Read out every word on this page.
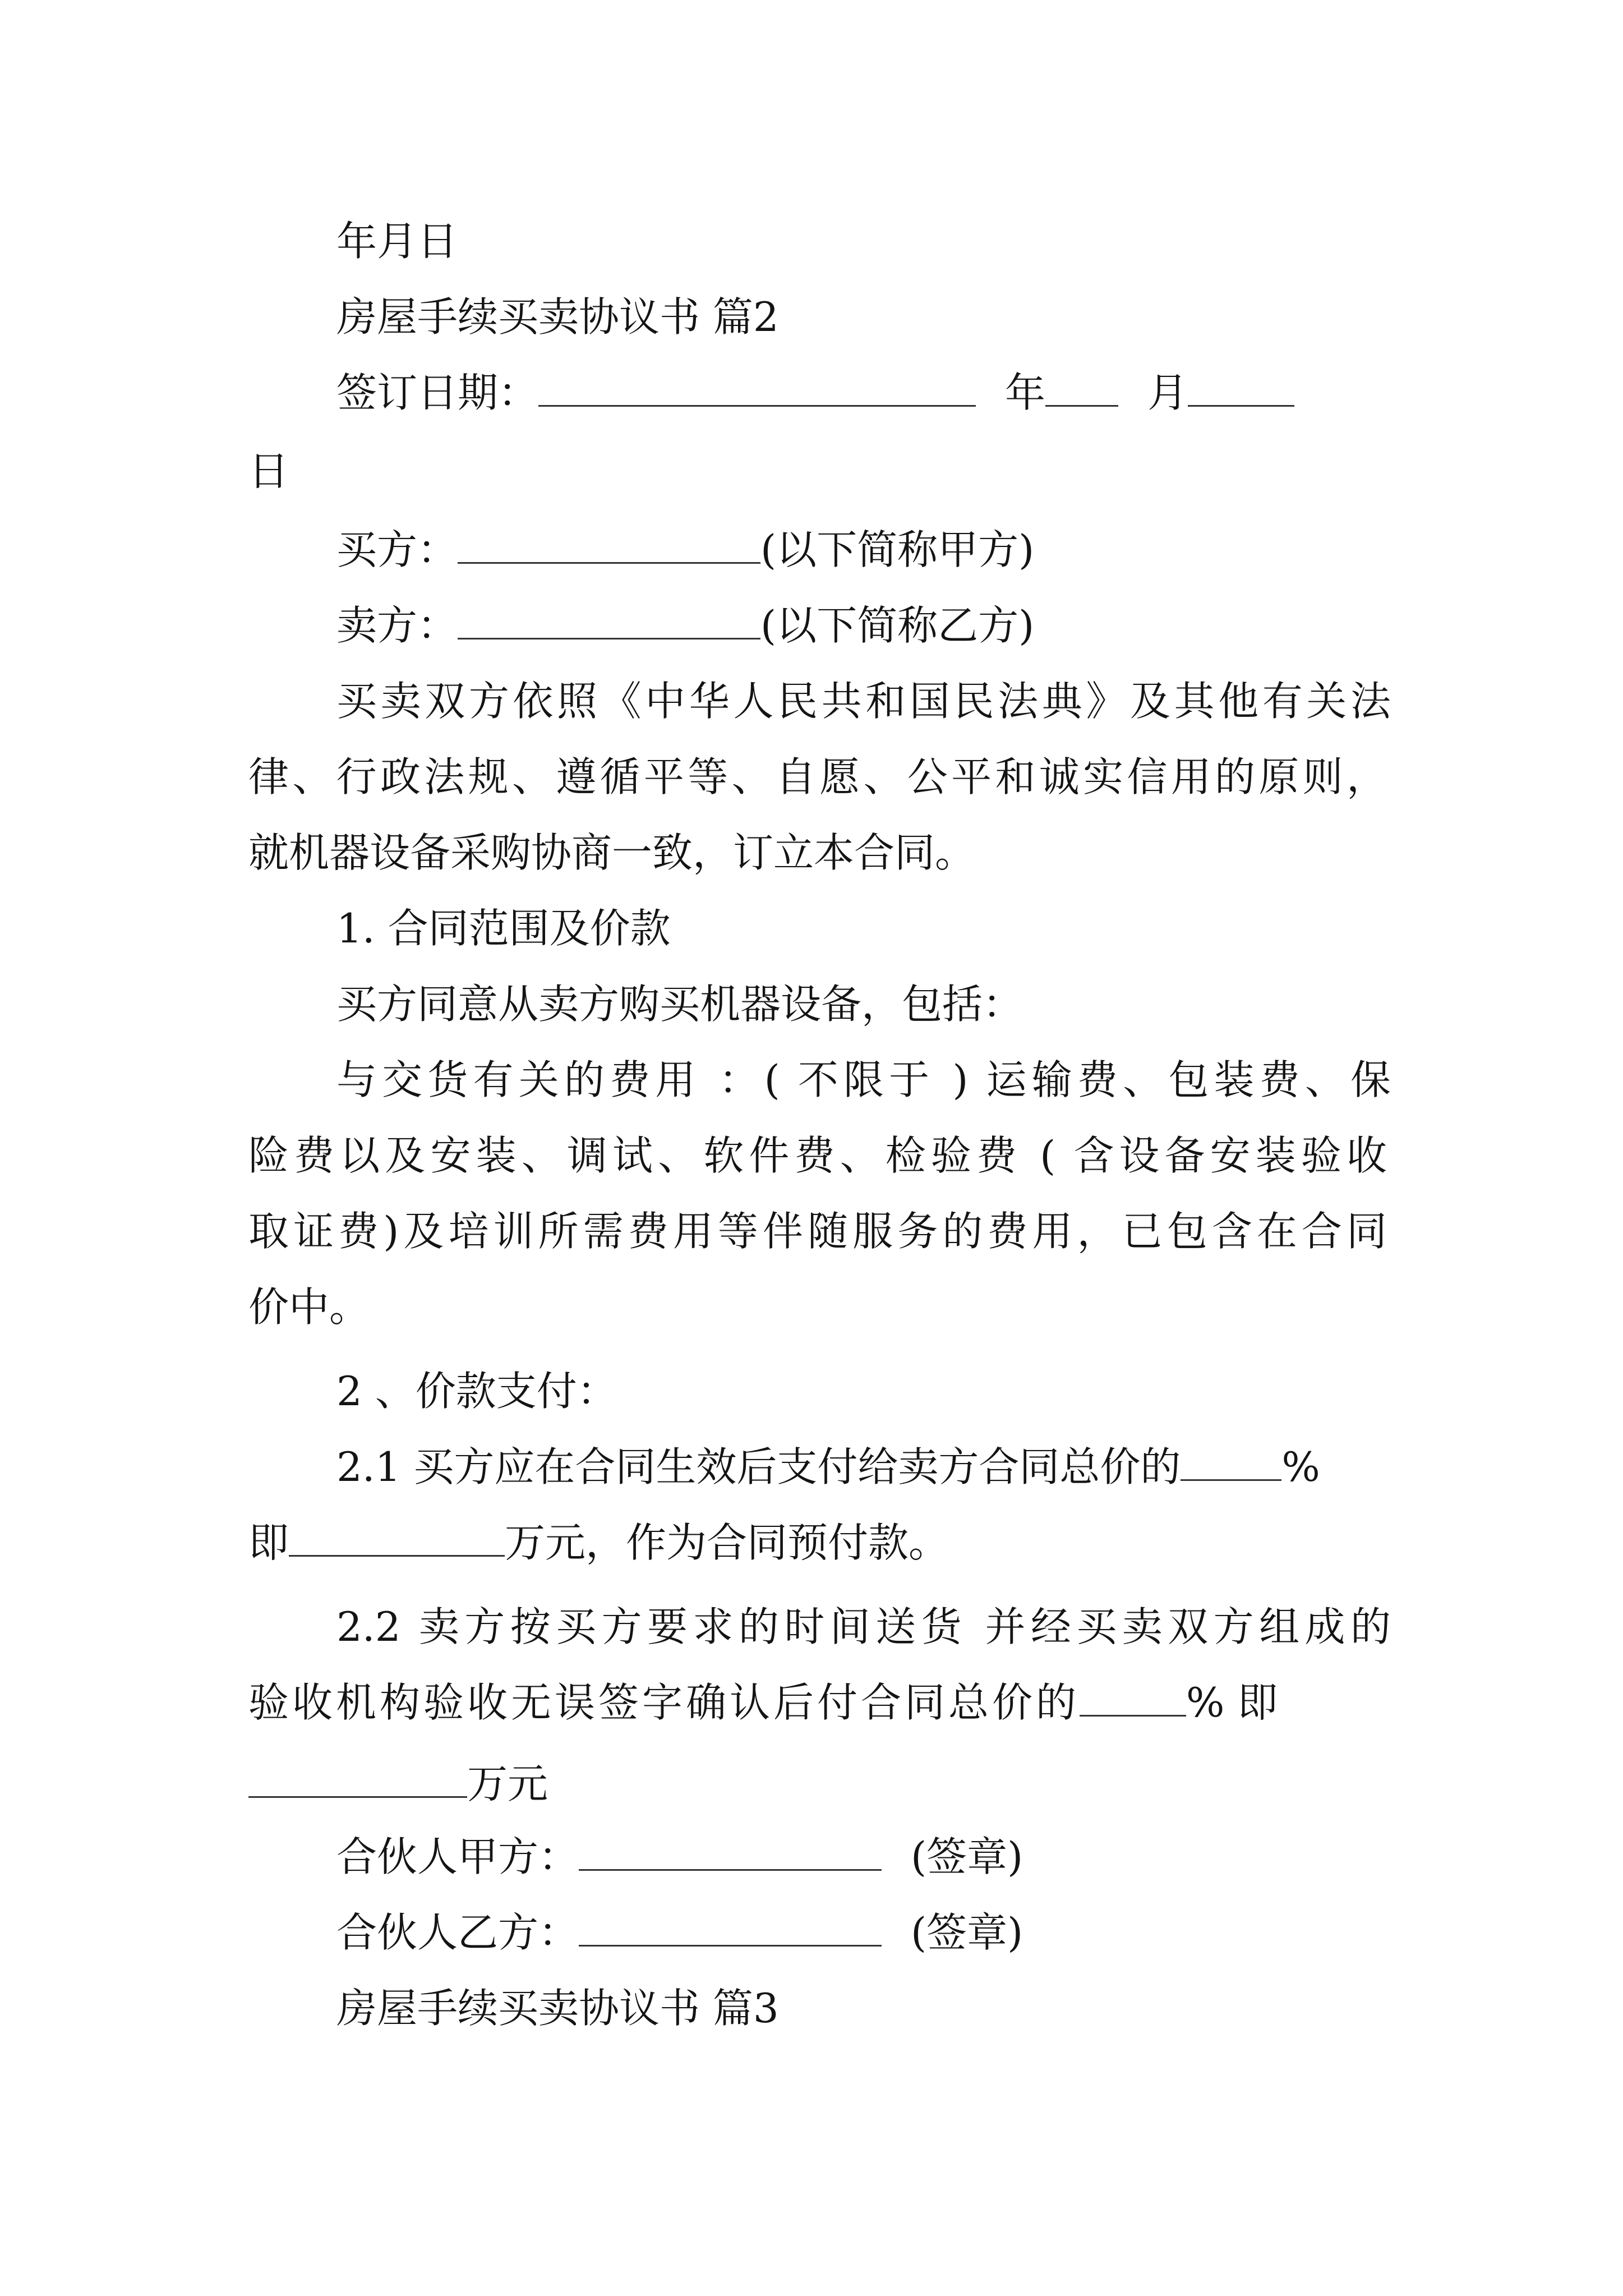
年月日
房屋手续买卖协议书 篇2
签订日期：	年	月
日
买方：	(以下简称甲方)
卖方：	(以下简称乙方)
买卖双方依照《中华人民共和国民法典》及其他有关法
律、行政法规、遵循平等、自愿、公平和诚实信用的原则，
就机器设备采购协商一致，订立本合同。
1. 合同范围及价款
买方同意从卖方购买机器设备，包括：
与交货有关的费用 ：( 不限于 ) 运输费、包装费、保
险费以及安装、调试、软件费、检验费 ( 含设备安装验收
取证费)及培训所需费用等伴随服务的费用，已包含在合同
价中。
2 、价款支付：
2.1 买方应在合同生效后支付给卖方合同总价的	%
即	万元，作为合同预付款。
2.2 卖方按买方要求的时间送货 并经买卖双方组成的
验收机构验收无误签字确认后付合同总价的	% 即
万元
合伙人甲方：	(签章)
合伙人乙方：	(签章)
房屋手续买卖协议书 篇3
